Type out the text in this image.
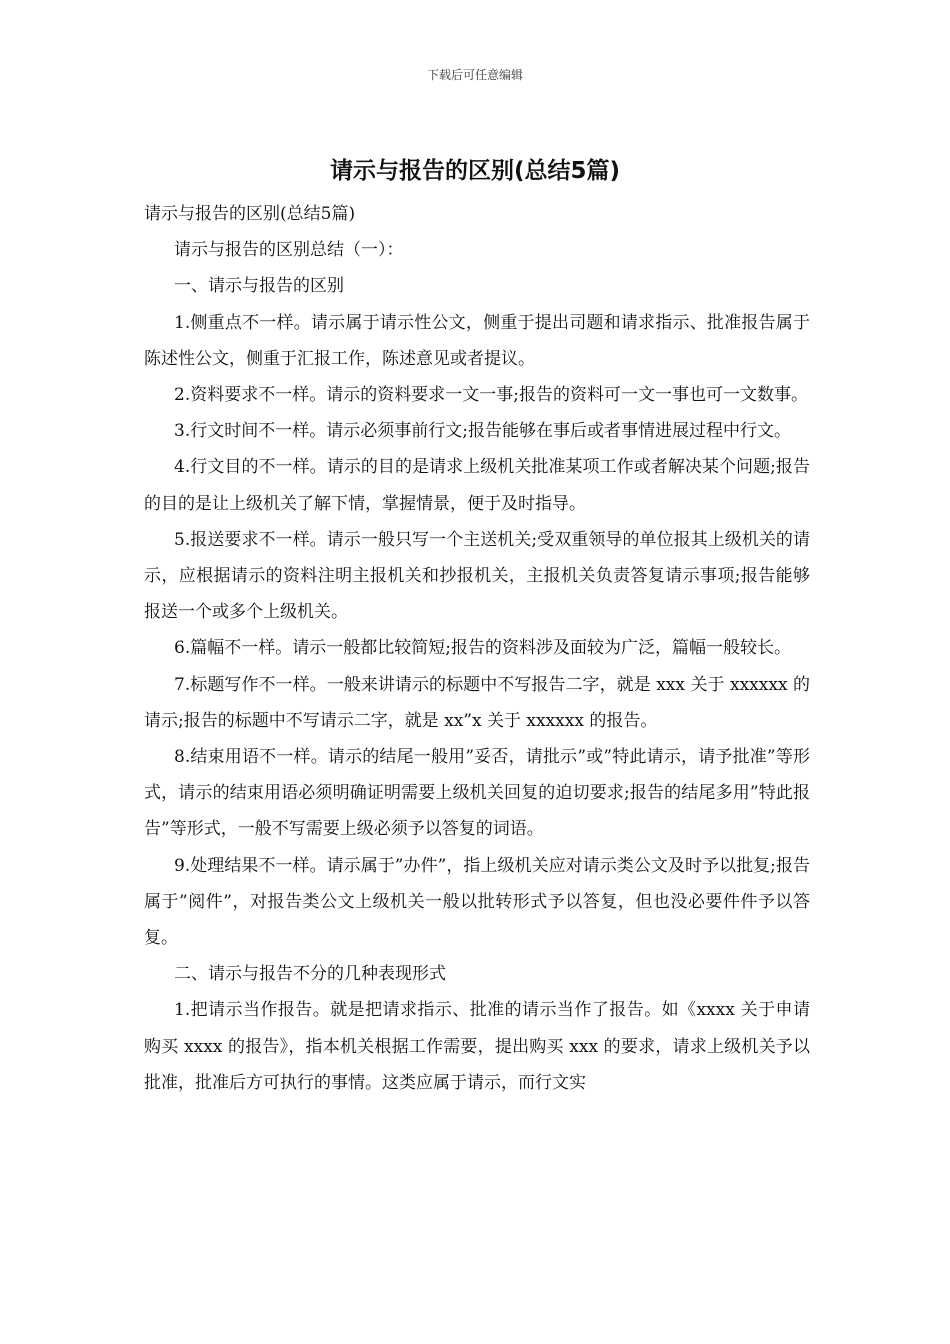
下载后可任意编辑
请示与报告的区别(总结5篇)

请示与报告的区别(总结5篇)

请示与报告的区别总结（一）：

一、请示与报告的区别

1.侧重点不一样。请示属于请示性公文，侧重于提出司题和请求指示、批准报告属于陈述性公文，侧重于汇报工作，陈述意见或者提议。

2.资料要求不一样。请示的资料要求一文一事;报告的资料可一文一事也可一文数事。

3.行文时间不一样。请示必须事前行文;报告能够在事后或者事情进展过程中行文。

4.行文目的不一样。请示的目的是请求上级机关批准某项工作或者解决某个问题;报告的目的是让上级机关了解下情，掌握情景，便于及时指导。

5.报送要求不一样。请示一般只写一个主送机关;受双重领导的单位报其上级机关的请示，应根据请示的资料注明主报机关和抄报机关，主报机关负责答复请示事项;报告能够报送一个或多个上级机关。

6.篇幅不一样。请示一般都比较简短;报告的资料涉及面较为广泛，篇幅一般较长。

7.标题写作不一样。一般来讲请示的标题中不写报告二字，就是 xxx 关于 xxxxxx 的请示;报告的标题中不写请示二字，就是 xx”x 关于 xxxxxx 的报告。

8.结束用语不一样。请示的结尾一般用”妥否，请批示”或”特此请示，请予批准”等形式，请示的结束用语必须明确证明需要上级机关回复的迫切要求;报告的结尾多用”特此报告”等形式，一般不写需要上级必须予以答复的词语。

9.处理结果不一样。请示属于”办件”，指上级机关应对请示类公文及时予以批复;报告属于”阅件”，对报告类公文上级机关一般以批转形式予以答复，但也没必要件件予以答复。

二、请示与报告不分的几种表现形式

1.把请示当作报告。就是把请求指示、批准的请示当作了报告。如《xxxx 关于申请购买 xxxx 的报告》，指本机关根据工作需要，提出购买 xxx 的要求，请求上级机关予以批准，批准后方可执行的事情。这类应属于请示，而行文实
